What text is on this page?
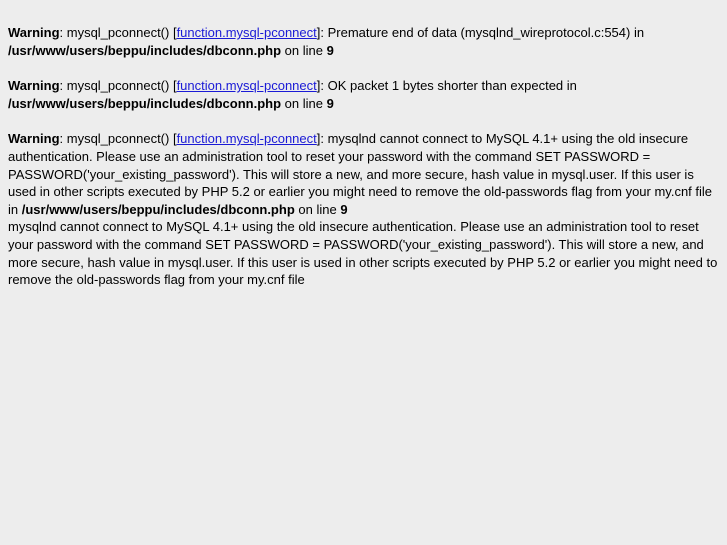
Warning: mysql_pconnect() [function.mysql-pconnect]: Premature end of data (mysqlnd_wireprotocol.c:554) in /usr/www/users/beppu/includes/dbconn.php on line 9
Warning: mysql_pconnect() [function.mysql-pconnect]: OK packet 1 bytes shorter than expected in /usr/www/users/beppu/includes/dbconn.php on line 9
Warning: mysql_pconnect() [function.mysql-pconnect]: mysqlnd cannot connect to MySQL 4.1+ using the old insecure authentication. Please use an administration tool to reset your password with the command SET PASSWORD = PASSWORD('your_existing_password'). This will store a new, and more secure, hash value in mysql.user. If this user is used in other scripts executed by PHP 5.2 or earlier you might need to remove the old-passwords flag from your my.cnf file in /usr/www/users/beppu/includes/dbconn.php on line 9
mysqlnd cannot connect to MySQL 4.1+ using the old insecure authentication. Please use an administration tool to reset your password with the command SET PASSWORD = PASSWORD('your_existing_password'). This will store a new, and more secure, hash value in mysql.user. If this user is used in other scripts executed by PHP 5.2 or earlier you might need to remove the old-passwords flag from your my.cnf file
